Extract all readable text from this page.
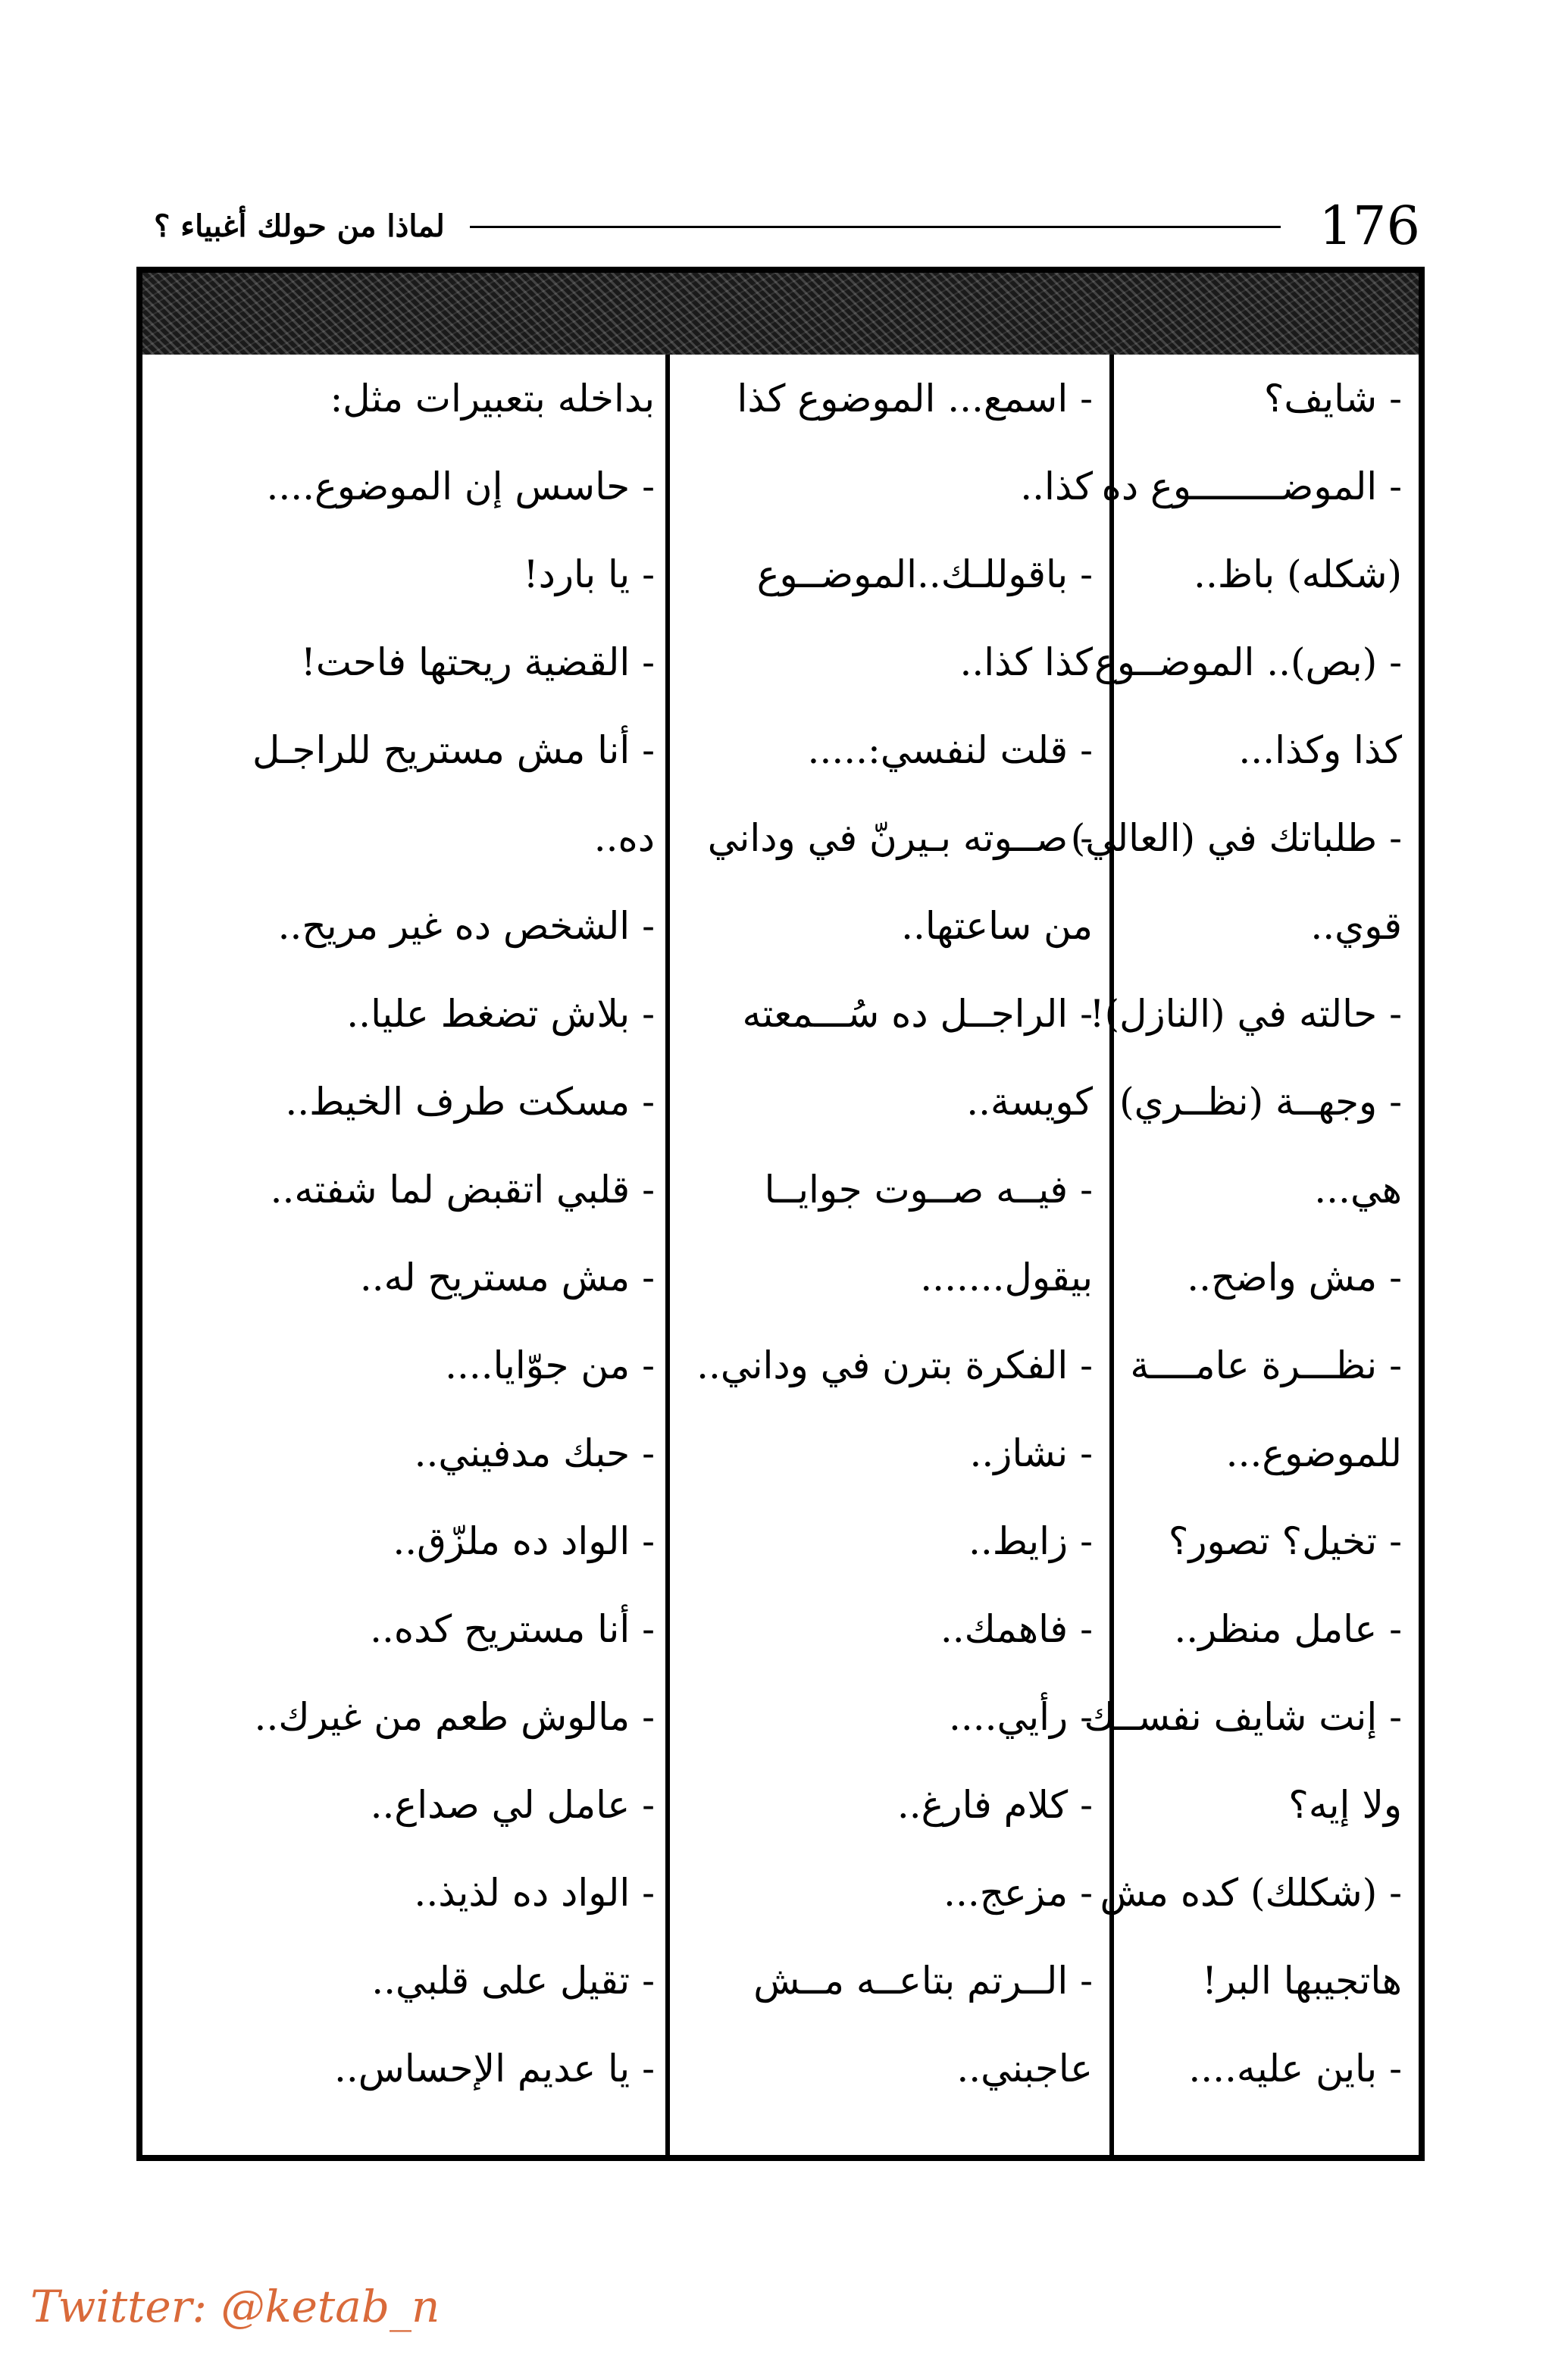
لماذا من حولك أغبياء ؟	176
- شايف؟
- الموضــــــــوع ده
(شكله) باظ..
- (بص).. الموضــوع
كذا وكذا...
- طلباتك في (العالي)
قوي..
- حالته في (النازل)!
- وجهــة (نظــري)
هي...
- مش واضح..
- نظـــرة عامــــة
للموضوع...
- تخيل؟ تصور؟
- عامل منظر..
- إنت شايف نفســك
ولا إيه؟
- (شكلك) كده مش
هاتجيبها البر!
- باين عليه....
- اسمع... الموضوع كذا
كذا..
- باقوللـك..الموضــوع
كذا كذا..
- قلت لنفسي:.....
- صــوته بـيرنّ في وداني
من ساعتها..
- الراجــل ده سُـــمعته
كويسة..
- فيــه صــوت جوايــا
بيقول.......
- الفكرة بترن في وداني..
- نشاز..
- زايط..
- فاهمك..
- رأيي....
- كلام فارغ..
- مزعج...
- الــرتم بتاعــه مــش
عاجبني..
بداخله بتعبيرات مثل:
- حاسس إن الموضوع....
- يا بارد!
- القضية ريحتها فاحت!
- أنا مش مستريح للراجـل
ده..
- الشخص ده غير مريح..
- بلاش تضغط عليا..
- مسكت طرف الخيط..
- قلبي اتقبض لما شفته..
- مش مستريح له..
- من جوّايا....
- حبك مدفيني..
- الواد ده ملزّق..
- أنا مستريح كده..
- مالوش طعم من غيرك..
- عامل لي صداع..
- الواد ده لذيذ..
- تقيل على قلبي..
- يا عديم الإحساس..
Twitter: @ketab_n
